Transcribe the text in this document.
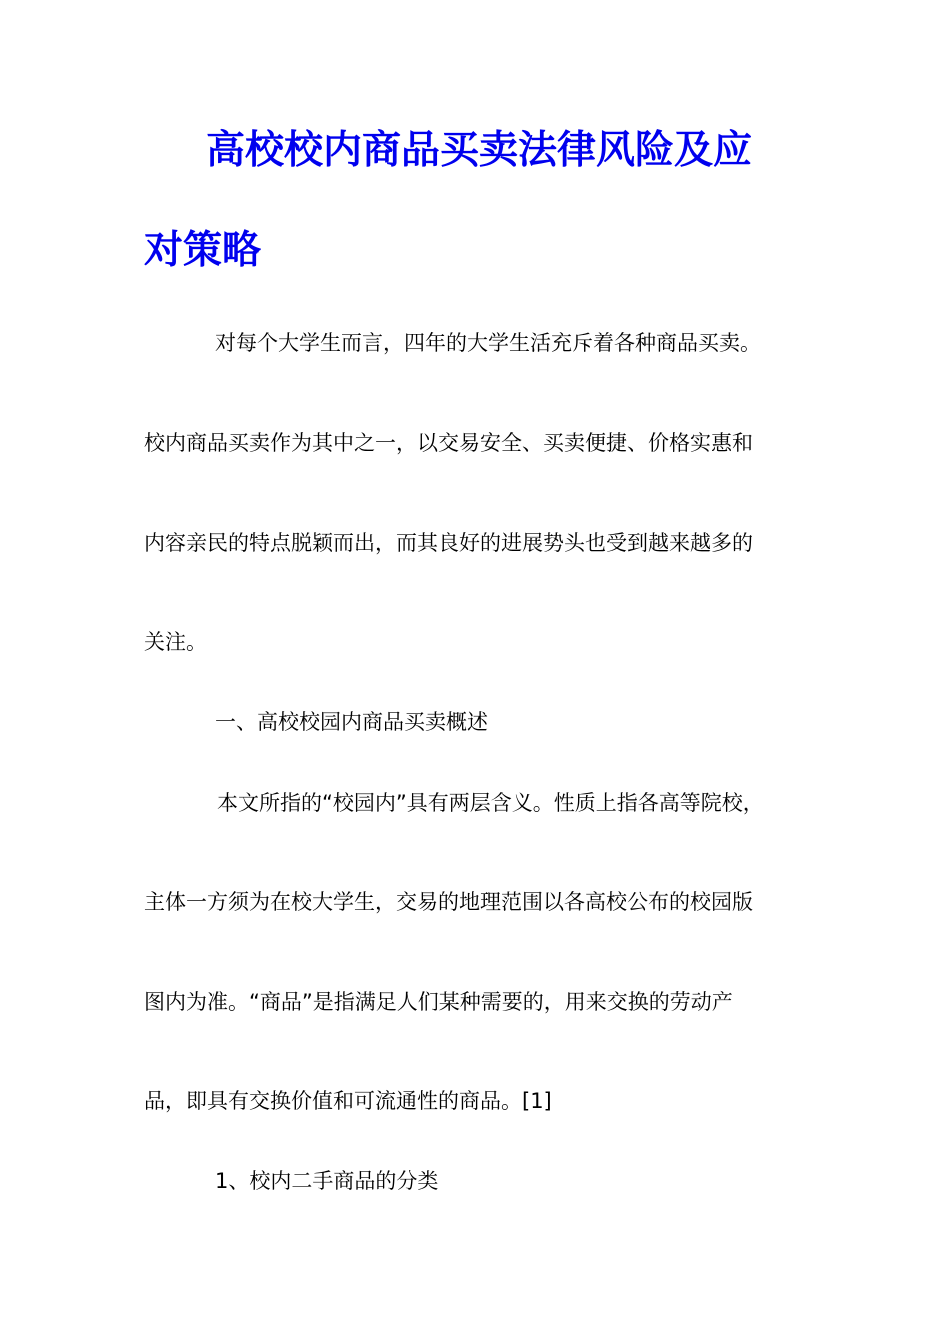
高校校内商品买卖法律风险及应
对策略
对每个大学生而言，四年的大学生活充斥着各种商品买卖。
校内商品买卖作为其中之一，以交易安全、买卖便捷、价格实惠和
内容亲民的特点脱颖而出，而其良好的进展势头也受到越来越多的
关注。
一、高校校园内商品买卖概述
本文所指的“校园内”具有两层含义。性质上指各高等院校，
主体一方须为在校大学生，交易的地理范围以各高校公布的校园版
图内为准。“商品”是指满足人们某种需要的，用来交换的劳动产
品，即具有交换价值和可流通性的商品。[1]
1、校内二手商品的分类
